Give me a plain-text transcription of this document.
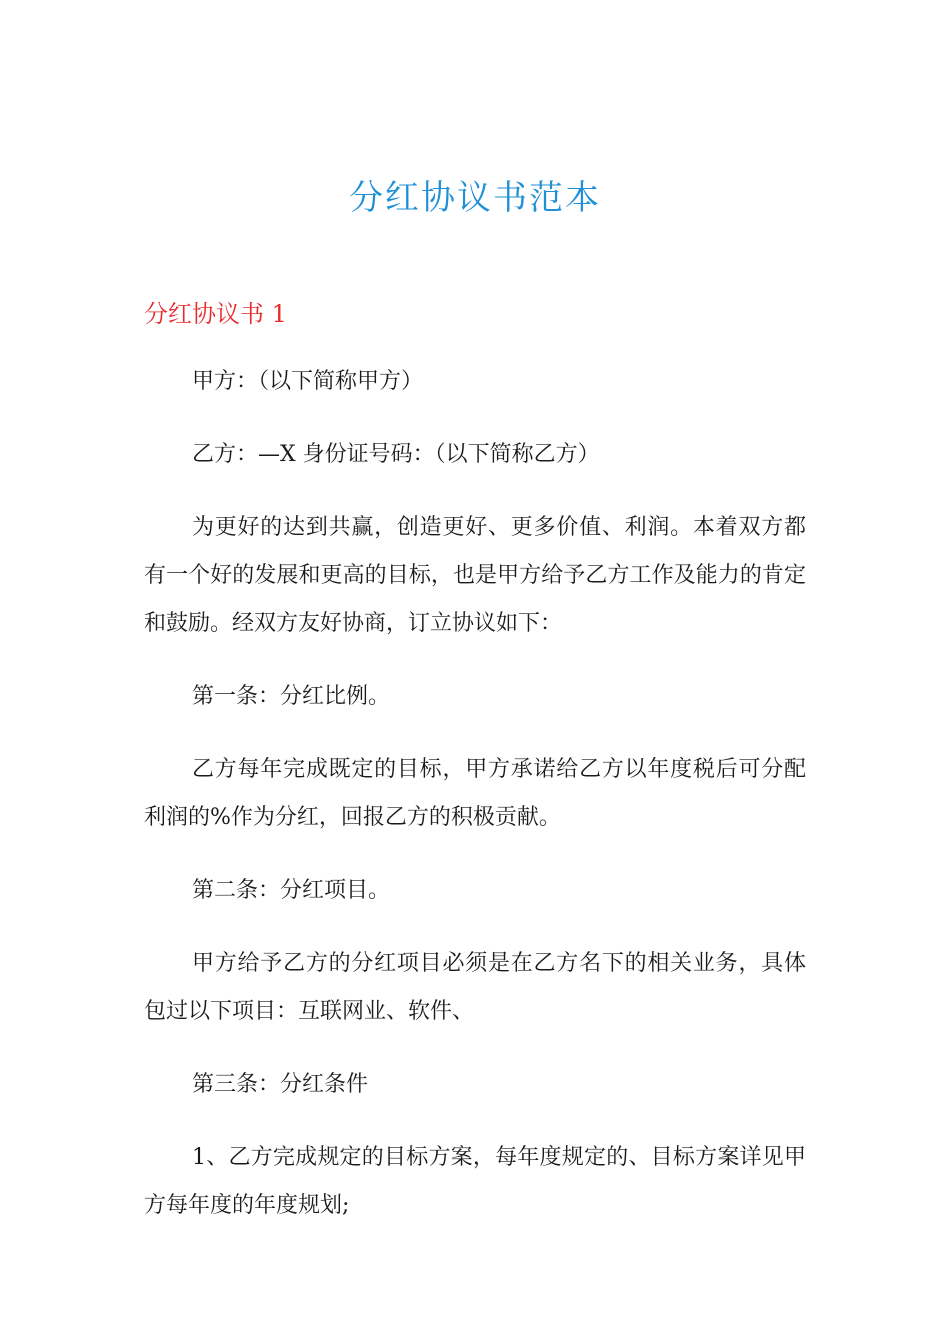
分红协议书范本
分红协议书 1

甲方：（以下简称甲方）

乙方：—X 身份证号码：（以下简称乙方）

为更好的达到共赢，创造更好、更多价值、利润。本着双方都有一个好的发展和更高的目标，也是甲方给予乙方工作及能力的肯定和鼓励。经双方友好协商，订立协议如下：

第一条：分红比例。

乙方每年完成既定的目标，甲方承诺给乙方以年度税后可分配利润的%作为分红，回报乙方的积极贡献。

第二条：分红项目。

甲方给予乙方的分红项目必须是在乙方名下的相关业务，具体包过以下项目：互联网业、软件、

第三条：分红条件

1、乙方完成规定的目标方案，每年度规定的、目标方案详见甲方每年度的年度规划;
